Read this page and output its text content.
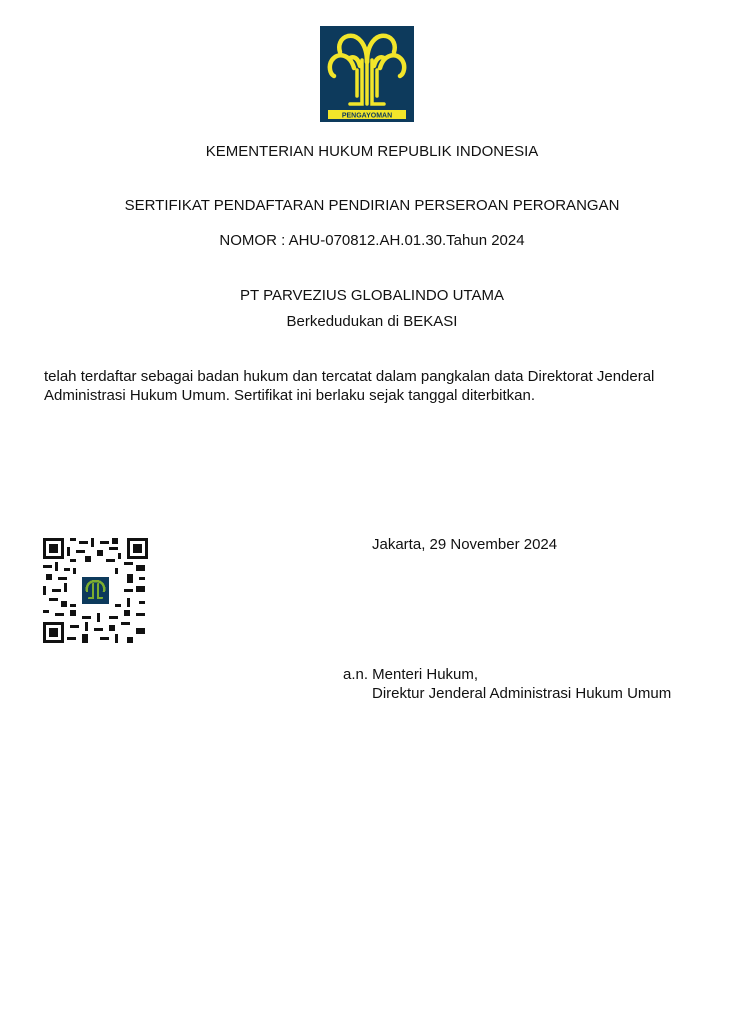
PENGAYOMAN
KEMENTERIAN HUKUM REPUBLIK INDONESIA
SERTIFIKAT PENDAFTARAN PENDIRIAN PERSEROAN PERORANGAN
NOMOR : AHU-070812.AH.01.30.Tahun 2024
PT PARVEZIUS GLOBALINDO UTAMA
Berkedudukan di BEKASI
telah terdaftar sebagai badan hukum dan tercatat dalam pangkalan data Direktorat Jenderal
Administrasi Hukum Umum. Sertifikat ini berlaku sejak tanggal diterbitkan.
Jakarta, 29 November 2024
a.n. Menteri Hukum,
Direktur Jenderal Administrasi Hukum Umum
